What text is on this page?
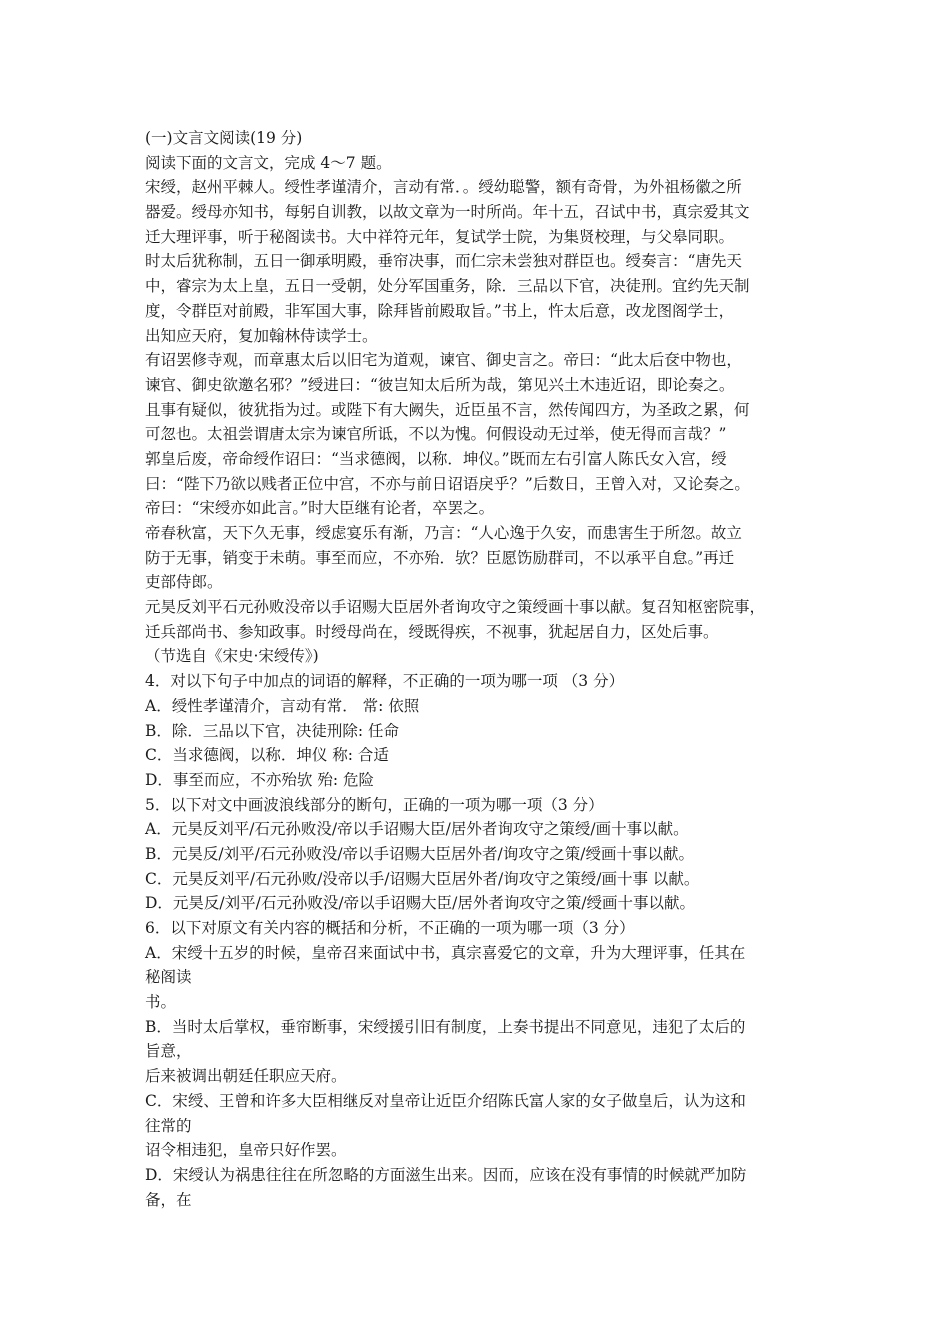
(一)文言文阅读(19 分)
阅读下面的文言文，完成 4～7 题。
宋绶，赵州平棘人。绶性孝谨清介，言动有常．。绶幼聪警，额有奇骨，为外祖杨徽之所
器爱。绶母亦知书，每躬自训教，以故文章为一时所尚。年十五，召试中书，真宗爱其文
迁大理评事，听于秘阁读书。大中祥符元年，复试学士院，为集贤校理，与父皋同职。
时太后犹称制，五日一御承明殿，垂帘决事，而仁宗未尝独对群臣也。绶奏言：“唐先天
中，睿宗为太上皇，五日一受朝，处分军国重务，除．三品以下官，决徒刑。宜约先天制
度，令群臣对前殿，非军国大事，除拜皆前殿取旨。”书上，忤太后意，改龙图阁学士，
出知应天府，复加翰林侍读学士。
有诏罢修寺观，而章惠太后以旧宅为道观，谏官、御史言之。帝曰：“此太后奁中物也，
谏官、御史欲邀名邪？”绶进曰：“彼岂知太后所为哉，第见兴土木违近诏，即论奏之。
且事有疑似，彼犹指为过。或陛下有大阙失，近臣虽不言，然传闻四方，为圣政之累，何
可忽也。太祖尝谓唐太宗为谏官所诋，不以为愧。何假设动无过举，使无得而言哉？”
郭皇后废，帝命绶作诏曰：“当求德阀，以称．坤仪。”既而左右引富人陈氏女入宫，绶
曰：“陛下乃欲以贱者正位中宫，不亦与前日诏语戾乎？”后数日，王曾入对，又论奏之。
帝曰：“宋绶亦如此言。”时大臣继有论者，卒罢之。
帝春秋富，天下久无事，绶虑宴乐有渐，乃言：“人心逸于久安，而患害生于所忽。故立
防于无事，销变于未萌。事至而应，不亦殆．欤？臣愿饬励群司，不以承平自怠。”再迁
吏部侍郎。
元昊反刘平石元孙败没帝以手诏赐大臣居外者询攻守之策绶画十事以献。复召知枢密院事，
迁兵部尚书、参知政事。时绶母尚在，绶既得疾，不视事，犹起居自力，区处后事。
（节选自《宋史·宋绶传》)
4．对以下句子中加点的词语的解释，不正确的一项为哪一项 （3 分）
A．绶性孝谨清介，言动有常． 常: 依照
B．除．三品以下官，决徒刑除: 任命
C．当求德阀，以称．坤仪 称: 合适
D．事至而应，不亦殆欤 殆: 危险
5．以下对文中画波浪线部分的断句，正确的一项为哪一项（3 分）
A．元昊反刘平/石元孙败没/帝以手诏赐大臣/居外者询攻守之策绶/画十事以献。
B．元昊反/刘平/石元孙败没/帝以手诏赐大臣居外者/询攻守之策/绶画十事以献。
C．元昊反刘平/石元孙败/没帝以手/诏赐大臣居外者/询攻守之策绶/画十事 以献。
D．元昊反/刘平/石元孙败没/帝以手诏赐大臣/居外者询攻守之策/绶画十事以献。
6．以下对原文有关内容的概括和分析，不正确的一项为哪一项（3 分）
A．宋绶十五岁的时候，皇帝召来面试中书，真宗喜爱它的文章，升为大理评事，任其在
秘阁读
书。
B．当时太后掌权，垂帘断事，宋绶援引旧有制度，上奏书提出不同意见，违犯了太后的
旨意，
后来被调出朝廷任职应天府。
C．宋绶、王曾和许多大臣相继反对皇帝让近臣介绍陈氏富人家的女子做皇后，认为这和
往常的
诏令相违犯，皇帝只好作罢。
D．宋绶认为祸患往往在所忽略的方面滋生出来。因而，应该在没有事情的时候就严加防
备，在
